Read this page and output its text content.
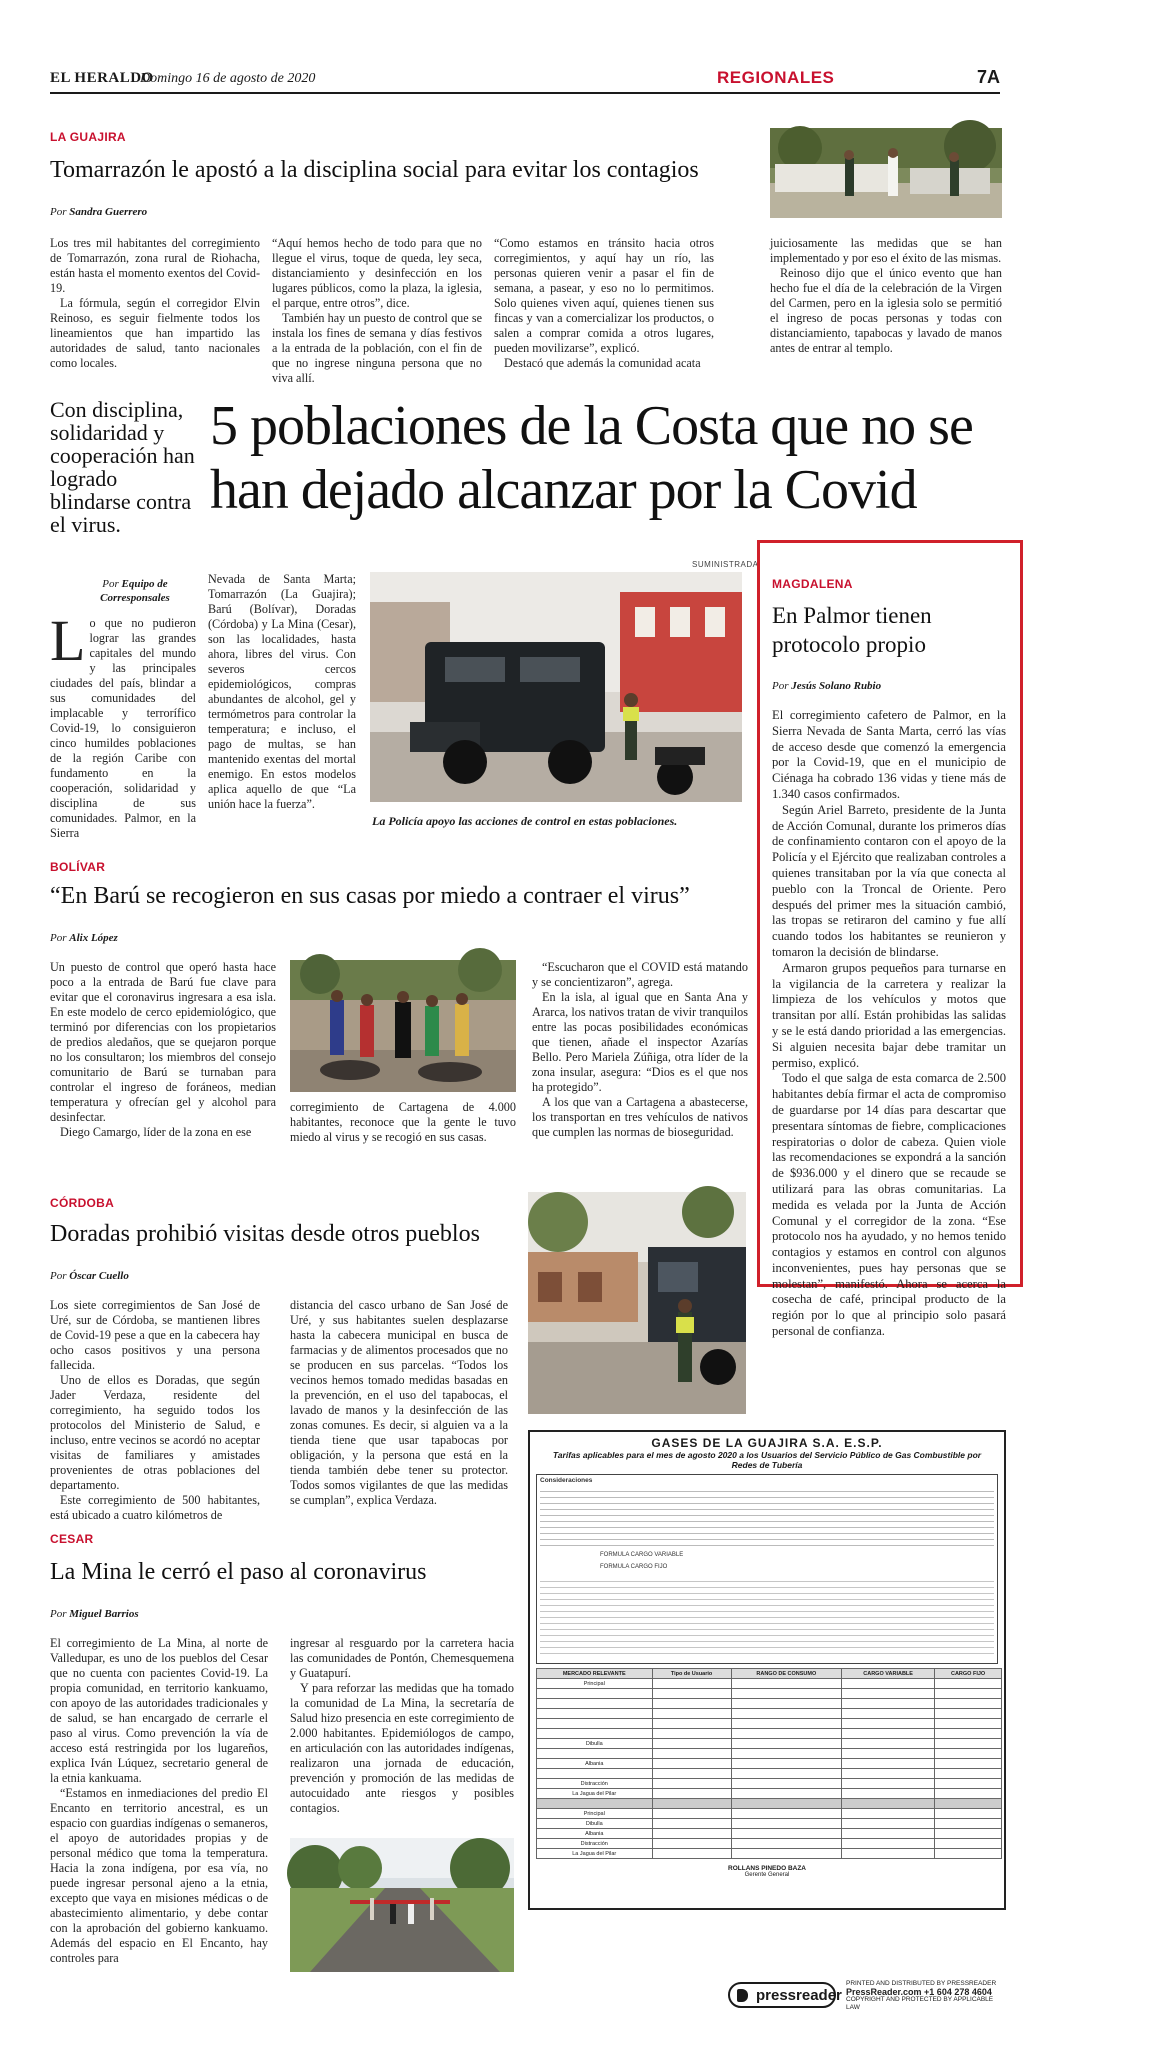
EL HERALDO
Domingo 16 de agosto de 2020	REGIONALES	7A
LA GUAJIRA
Tomarrazón le apostó a la disciplina social para evitar los contagios
Por Sandra Guerrero

Los tres mil habitantes del corregimiento de Tomarrazón, zona rural de Riohacha, están hasta el momento exentos del Covid-19.

La fórmula, según el corregidor Elvin Reinoso, es seguir fielmente todos los lineamientos que han impartido las autoridades de salud, tanto nacionales como locales.

“Aquí hemos hecho de todo para que no llegue el virus, toque de queda, ley seca, distanciamiento y desinfección en los lugares públicos, como la plaza, la iglesia, el parque, entre otros”, dice.

También hay un puesto de control que se instala los fines de semana y días festivos a la entrada de la población, con el fin de que no ingrese ninguna persona que no viva allí.

“Como estamos en tránsito hacia otros corregimientos, y aquí hay un río, las personas quieren venir a pasar el fin de semana, a pasear, y eso no lo permitimos. Solo quienes viven aquí, quienes tienen sus fincas y van a comercializar los productos, o salen a comprar comida a otros lugares, pueden movilizarse”, explicó.

Destacó que además la comunidad acata

juiciosamente las medidas que se han implementado y por eso el éxito de las mismas.

Reinoso dijo que el único evento que han hecho fue el día de la celebración de la Virgen del Carmen, pero en la iglesia solo se permitió el ingreso de pocas personas y todas con distanciamiento, tapabocas y lavado de manos antes de entrar al templo.

Con disciplina, solidaridad y cooperación han logrado blindarse contra el virus.
5 poblaciones de la Costa que no se
han dejado alcanzar por la Covid
SUMINISTRADA
Por Equipo de
Corresponsales
Lo que no pudieron lograr las grandes capitales del mundo y las principales ciudades del país, blindar a sus comunidades del implacable y terrorífico Covid-19, lo consiguieron cinco humildes poblaciones de la región Caribe con fundamento en la cooperación, solidaridad y disciplina de sus comunidades. Palmor, en la Sierra

Nevada de Santa Marta; Tomarrazón (La Guajira); Barú (Bolívar), Doradas (Córdoba) y La Mina (Cesar), son las localidades, hasta ahora, libres del virus. Con severos cercos epidemiológicos, compras abundantes de alcohol, gel y termómetros para controlar la temperatura; e incluso, el pago de multas, se han mantenido exentas del mortal enemigo. En estos modelos aplica aquello de que “La unión hace la fuerza”.

La Policía apoyo las acciones de control en estas poblaciones.
BOLÍVAR
“En Barú se recogieron en sus casas por miedo a contraer el virus”
Por Alix López

Un puesto de control que operó hasta hace poco a la entrada de Barú fue clave para evitar que el coronavirus ingresara a esa isla. En este modelo de cerco epidemiológico, que terminó por diferencias con los propietarios de predios aledaños, que se quejaron porque no los consultaron; los miembros del consejo comunitario de Barú se turnaban para controlar el ingreso de foráneos, median temperatura y ofrecían gel y alcohol para desinfectar.

Diego Camargo, líder de la zona en ese

corregimiento de Cartagena de 4.000 habitantes, reconoce que la gente le tuvo miedo al virus y se recogió en sus casas.

“Escucharon que el COVID está matando y se concientizaron”, agrega.

En la isla, al igual que en Santa Ana y Ararca, los nativos tratan de vivir tranquilos entre las pocas posibilidades económicas que tienen, añade el inspector Azarías Bello. Pero Mariela Zúñiga, otra líder de la zona insular, asegura: “Dios es el que nos ha protegido”.

A los que van a Cartagena a abastecerse, los transportan en tres vehículos de nativos que cumplen las normas de bioseguridad.

CÓRDOBA
Doradas prohibió visitas desde otros pueblos
Por Óscar Cuello

Los siete corregimientos de San José de Uré, sur de Córdoba, se mantienen libres de Covid-19 pese a que en la cabecera hay ocho casos positivos y una persona fallecida.

Uno de ellos es Doradas, que según Jader Verdaza, residente del corregimiento, ha seguido todos los protocolos del Ministerio de Salud, e incluso, entre vecinos se acordó no aceptar visitas de familiares y amistades provenientes de otras poblaciones del departamento.

Este corregimiento de 500 habitantes, está ubicado a cuatro kilómetros de

distancia del casco urbano de San José de Uré, y sus habitantes suelen desplazarse hasta la cabecera municipal en busca de farmacias y de alimentos procesados que no se producen en sus parcelas. “Todos los vecinos hemos tomado medidas basadas en la prevención, en el uso del tapabocas, el lavado de manos y la desinfección de las zonas comunes. Es decir, si alguien va a la tienda tiene que usar tapabocas por obligación, y la persona que está en la tienda también debe tener su protector. Todos somos vigilantes de que las medidas se cumplan”, explica Verdaza.

CESAR
La Mina le cerró el paso al coronavirus
Por Miguel Barrios

El corregimiento de La Mina, al norte de Valledupar, es uno de los pueblos del Cesar que no cuenta con pacientes Covid-19. La propia comunidad, en territorio kankuamo, con apoyo de las autoridades tradicionales y de salud, se han encargado de cerrarle el paso al virus. Como prevención la vía de acceso está restringida por los lugareños, explica Iván Lúquez, secretario general de la etnia kankuama.

“Estamos en inmediaciones del predio El Encanto en territorio ancestral, es un espacio con guardias indígenas o semaneros, el apoyo de autoridades propias y de personal médico que toma la temperatura. Hacia la zona indígena, por esa vía, no puede ingresar personal ajeno a la etnia, excepto que vaya en misiones médicas o de abastecimiento alimentario, y debe contar con la aprobación del gobierno kankuamo. Además del espacio en El Encanto, hay controles para

ingresar al resguardo por la carretera hacia las comunidades de Pontón, Chemesquemena y Guatapurí.

Y para reforzar las medidas que ha tomado la comunidad de La Mina, la secretaría de Salud hizo presencia en este corregimiento de 2.000 habitantes. Epidemiólogos de campo, en articulación con las autoridades indígenas, realizaron una jornada de educación, prevención y promoción de las medidas de autocuidado ante riesgos y posibles contagios.

MAGDALENA
En Palmor tienen protocolo propio
Por Jesús Solano Rubio

El corregimiento cafetero de Palmor, en la Sierra Nevada de Santa Marta, cerró las vías de acceso desde que comenzó la emergencia por la Covid-19, que en el municipio de Ciénaga ha cobrado 136 vidas y tiene más de 1.340 casos confirmados.

Según Ariel Barreto, presidente de la Junta de Acción Comunal, durante los primeros días de confinamiento contaron con el apoyo de la Policía y el Ejército que realizaban controles a quienes transitaban por la vía que conecta al pueblo con la Troncal de Oriente. Pero después del primer mes la situación cambió, las tropas se retiraron del camino y fue allí cuando todos los habitantes se reunieron y tomaron la decisión de blindarse.

Armaron grupos pequeños para turnarse en la vigilancia de la carretera y realizar la limpieza de los vehículos y motos que transitan por allí. Están prohibidas las salidas y se le está dando prioridad a las emergencias. Si alguien necesita bajar debe tramitar un permiso, explicó.

Todo el que salga de esta comarca de 2.500 habitantes debía firmar el acta de compromiso de guardarse por 14 días para descartar que presentara síntomas de fiebre, complicaciones respiratorias o dolor de cabeza. Quien viole las recomendaciones se expondrá a la sanción de $936.000 y el dinero que se recaude se utilizará para las obras comunitarias. La medida es velada por la Junta de Acción Comunal y el corregidor de la zona. “Ese protocolo nos ha ayudado, y no hemos tenido contagios y estamos en control con algunos inconvenientes, pues hay personas que se molestan”, manifestó. Ahora se acerca la cosecha de café, principal producto de la región por lo que al principio solo pasará personal de confianza.

GASES DE LA GUAJIRA S.A. E.S.P.
Tarifas aplicables para el mes de agosto 2020 a los Usuarios del Servicio Público de Gas Combustible por Redes de Tubería
Consideraciones
FORMULA CARGO VARIABLE
FORMULA CARGO FIJO
MERCADO RELEVANTE	Tipo de Usuario	RANGO DE CONSUMO	CARGO VARIABLE	CARGO FIJO
Principal				

Dibulla				

Albania				

Distracción				
La Jagua del Pilar				

Principal				
Dibulla				
Albania				
Distracción				
La Jagua del Pilar				
ROLLANS PINEDO BAZA
Gerente General
pressreader
PRINTED AND DISTRIBUTED BY PRESSREADER
PressReader.com +1 604 278 4604
COPYRIGHT AND PROTECTED BY APPLICABLE LAW
